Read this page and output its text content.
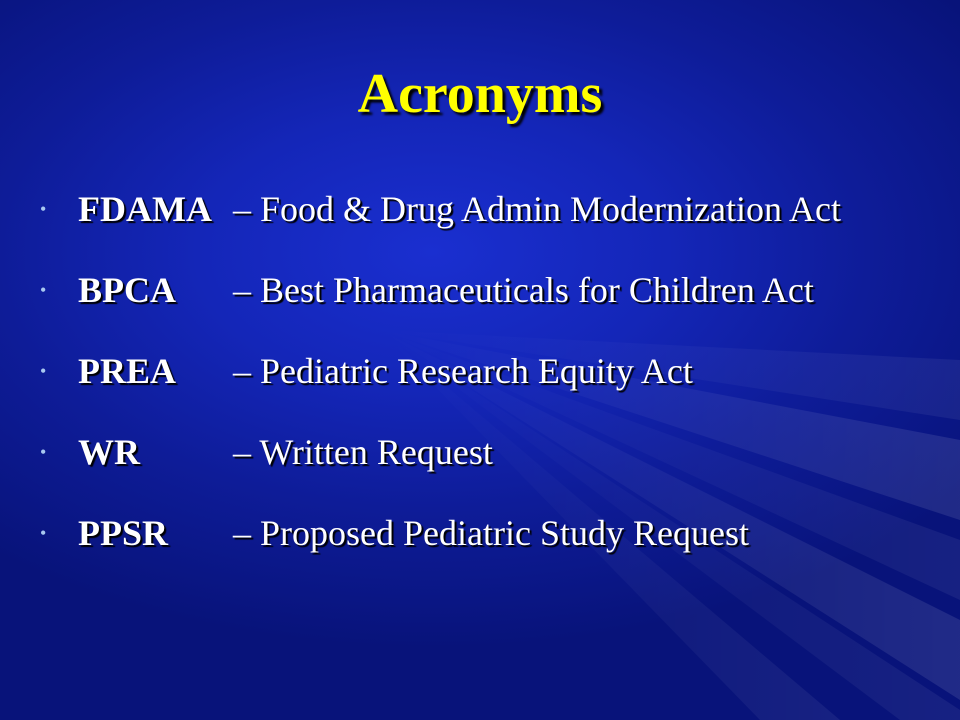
Acronyms
• FDAMA – Food & Drug Admin Modernization Act
• BPCA – Best Pharmaceuticals for Children Act
• PREA – Pediatric Research Equity Act
• WR	– Written Request
• PPSR – Proposed Pediatric Study Request
